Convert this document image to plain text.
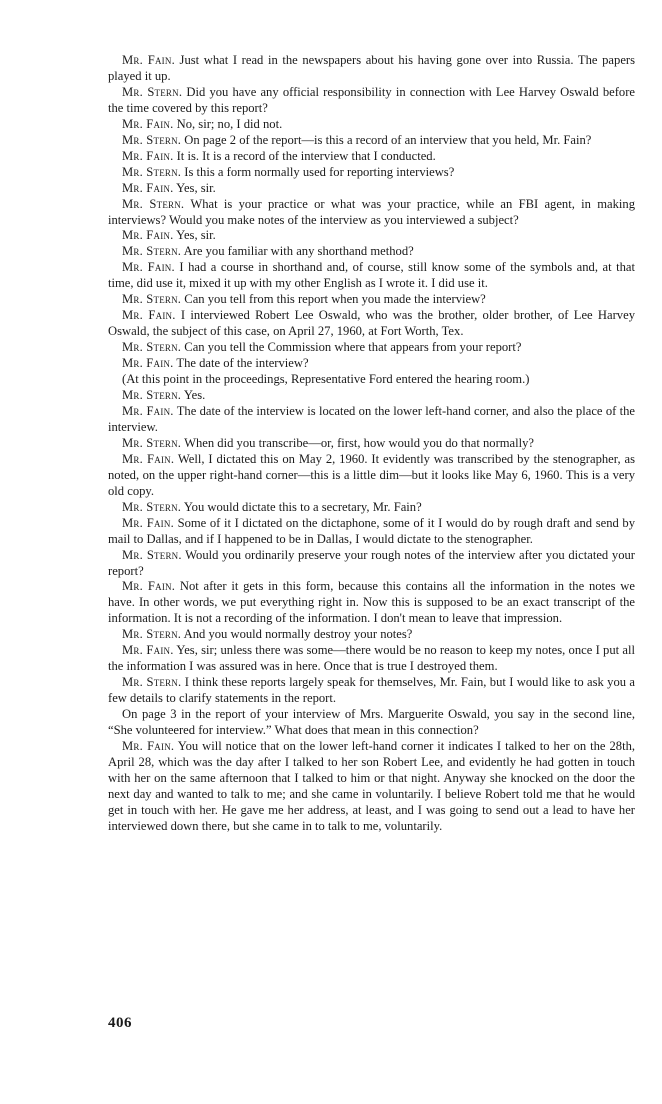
Mr. Fain. Just what I read in the newspapers about his having gone over into Russia. The papers played it up.

Mr. Stern. Did you have any official responsibility in connection with Lee Harvey Oswald before the time covered by this report?

Mr. Fain. No, sir; no, I did not.

Mr. Stern. On page 2 of the report—is this a record of an interview that you held, Mr. Fain?

Mr. Fain. It is. It is a record of the interview that I conducted.

Mr. Stern. Is this a form normally used for reporting interviews?

Mr. Fain. Yes, sir.

Mr. Stern. What is your practice or what was your practice, while an FBI agent, in making interviews? Would you make notes of the interview as you interviewed a subject?

Mr. Fain. Yes, sir.

Mr. Stern. Are you familiar with any shorthand method?

Mr. Fain. I had a course in shorthand and, of course, still know some of the symbols and, at that time, did use it, mixed it up with my other English as I wrote it. I did use it.

Mr. Stern. Can you tell from this report when you made the interview?

Mr. Fain. I interviewed Robert Lee Oswald, who was the brother, older brother, of Lee Harvey Oswald, the subject of this case, on April 27, 1960, at Fort Worth, Tex.

Mr. Stern. Can you tell the Commission where that appears from your report?

Mr. Fain. The date of the interview?

(At this point in the proceedings, Representative Ford entered the hearing room.)

Mr. Stern. Yes.

Mr. Fain. The date of the interview is located on the lower left-hand corner, and also the place of the interview.

Mr. Stern. When did you transcribe—or, first, how would you do that normally?

Mr. Fain. Well, I dictated this on May 2, 1960. It evidently was transcribed by the stenographer, as noted, on the upper right-hand corner—this is a little dim—but it looks like May 6, 1960. This is a very old copy.

Mr. Stern. You would dictate this to a secretary, Mr. Fain?

Mr. Fain. Some of it I dictated on the dictaphone, some of it I would do by rough draft and send by mail to Dallas, and if I happened to be in Dallas, I would dictate to the stenographer.

Mr. Stern. Would you ordinarily preserve your rough notes of the interview after you dictated your report?

Mr. Fain. Not after it gets in this form, because this contains all the information in the notes we have. In other words, we put everything right in. Now this is supposed to be an exact transcript of the information. It is not a recording of the information. I don't mean to leave that impression.

Mr. Stern. And you would normally destroy your notes?

Mr. Fain. Yes, sir; unless there was some—there would be no reason to keep my notes, once I put all the information I was assured was in here. Once that is true I destroyed them.

Mr. Stern. I think these reports largely speak for themselves, Mr. Fain, but I would like to ask you a few details to clarify statements in the report.

On page 3 in the report of your interview of Mrs. Marguerite Oswald, you say in the second line, “She volunteered for interview.” What does that mean in this connection?

Mr. Fain. You will notice that on the lower left-hand corner it indicates I talked to her on the 28th, April 28, which was the day after I talked to her son Robert Lee, and evidently he had gotten in touch with her on the same afternoon that I talked to him or that night. Anyway she knocked on the door the next day and wanted to talk to me; and she came in voluntarily. I believe Robert told me that he would get in touch with her. He gave me her address, at least, and I was going to send out a lead to have her interviewed down there, but she came in to talk to me, voluntarily.

406
